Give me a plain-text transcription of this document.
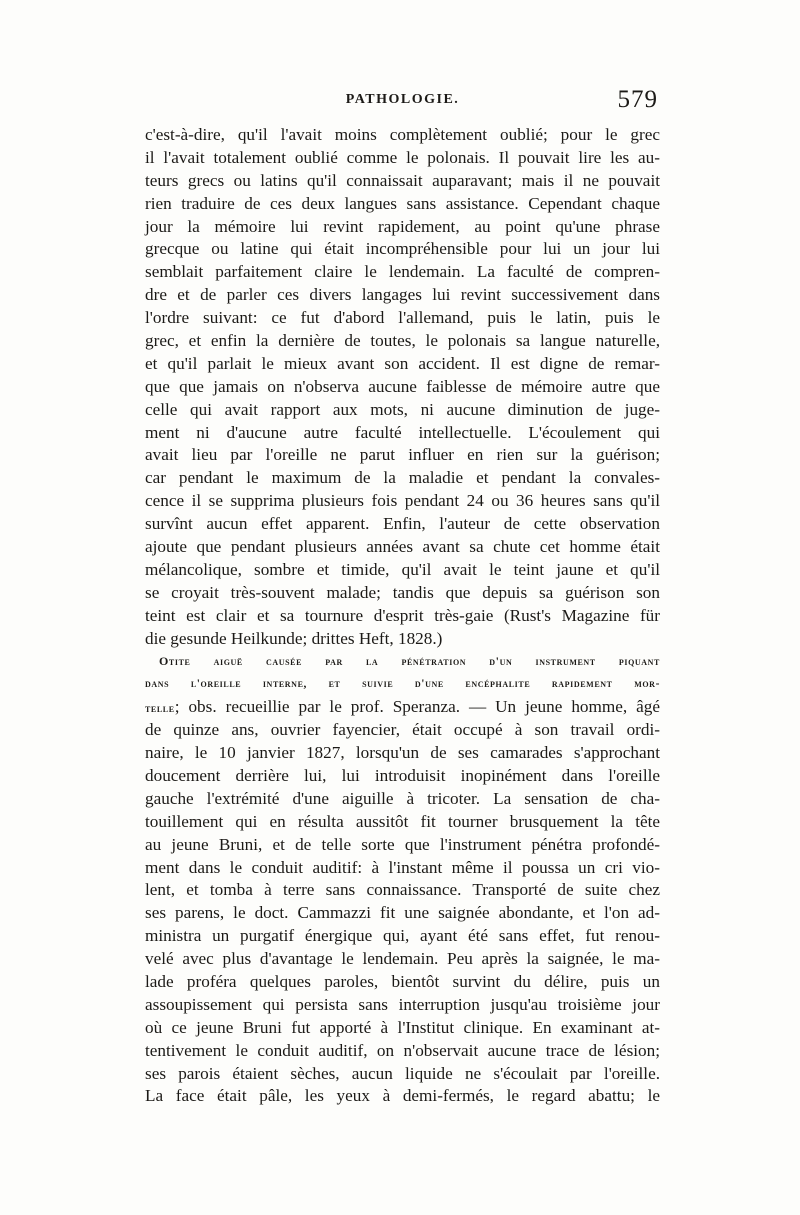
PATHOLOGIE.	579
c'est-à-dire, qu'il l'avait moins complètement oublié; pour le grec
il l'avait totalement oublié comme le polonais. Il pouvait lire les au-
teurs grecs ou latins qu'il connaissait auparavant; mais il ne pouvait
rien traduire de ces deux langues sans assistance. Cependant chaque
jour la mémoire lui revint rapidement, au point qu'une phrase
grecque ou latine qui était incompréhensible pour lui un jour lui
semblait parfaitement claire le lendemain. La faculté de compren-
dre et de parler ces divers langages lui revint successivement dans
l'ordre suivant: ce fut d'abord l'allemand, puis le latin, puis le
grec, et enfin la dernière de toutes, le polonais sa langue naturelle,
et qu'il parlait le mieux avant son accident. Il est digne de remar-
que que jamais on n'observa aucune faiblesse de mémoire autre que
celle qui avait rapport aux mots, ni aucune diminution de juge-
ment ni d'aucune autre faculté intellectuelle. L'écoulement qui
avait lieu par l'oreille ne parut influer en rien sur la guérison;
car pendant le maximum de la maladie et pendant la convales-
cence il se supprima plusieurs fois pendant 24 ou 36 heures sans qu'il
survînt aucun effet apparent. Enfin, l'auteur de cette observation
ajoute que pendant plusieurs années avant sa chute cet homme était
mélancolique, sombre et timide, qu'il avait le teint jaune et qu'il
se croyait très-souvent malade; tandis que depuis sa guérison son
teint est clair et sa tournure d'esprit très-gaie (Rust's Magazine für
die gesunde Heilkunde; drittes Heft, 1828.)
Otite aiguë causée par la pénétration d'un instrument piquant
dans l'oreille interne, et suivie d'une encéphalite rapidement mor-
telle; obs. recueillie par le prof. Speranza. — Un jeune homme, âgé
de quinze ans, ouvrier fayencier, était occupé à son travail ordi-
naire, le 10 janvier 1827, lorsqu'un de ses camarades s'approchant
doucement derrière lui, lui introduisit inopinément dans l'oreille
gauche l'extrémité d'une aiguille à tricoter. La sensation de cha-
touillement qui en résulta aussitôt fit tourner brusquement la tête
au jeune Bruni, et de telle sorte que l'instrument pénétra profondé-
ment dans le conduit auditif: à l'instant même il poussa un cri vio-
lent, et tomba à terre sans connaissance. Transporté de suite chez
ses parens, le doct. Cammazzi fit une saignée abondante, et l'on ad-
ministra un purgatif énergique qui, ayant été sans effet, fut renou-
velé avec plus d'avantage le lendemain. Peu après la saignée, le ma-
lade proféra quelques paroles, bientôt survint du délire, puis un
assoupissement qui persista sans interruption jusqu'au troisième jour
où ce jeune Bruni fut apporté à l'Institut clinique. En examinant at-
tentivement le conduit auditif, on n'observait aucune trace de lésion;
ses parois étaient sèches, aucun liquide ne s'écoulait par l'oreille.
La face était pâle, les yeux à demi-fermés, le regard abattu; le
